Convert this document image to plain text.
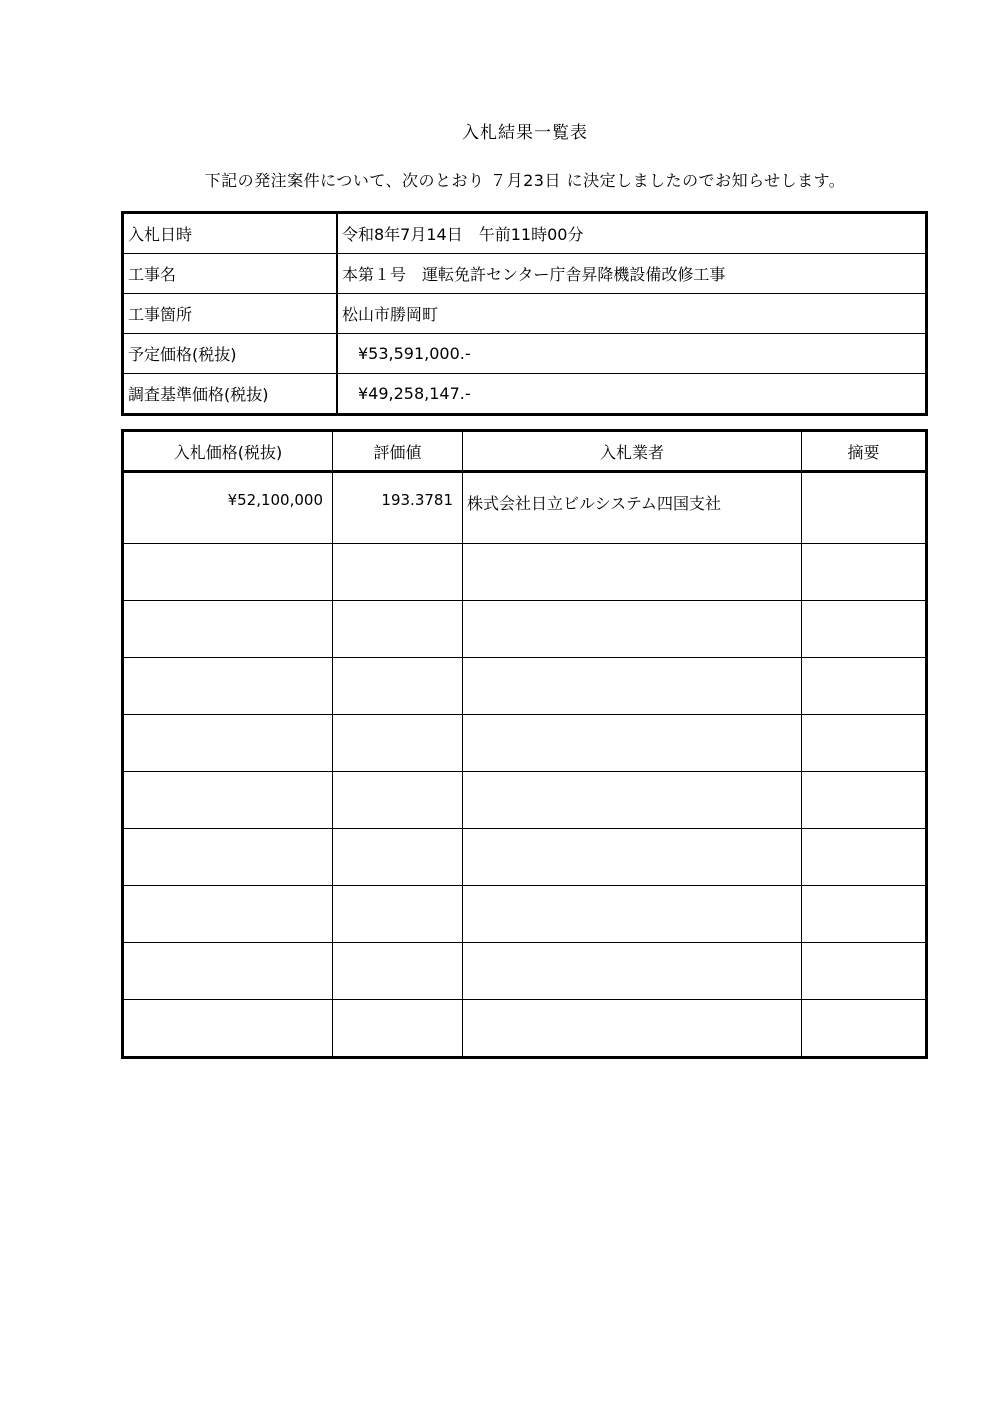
入札結果一覧表
下記の発注案件について、次のとおり ７月23日 に決定しましたのでお知らせします。
入札日時	令和8年7月14日　午前11時00分
工事名	本第１号　運転免許センター庁舎昇降機設備改修工事
工事箇所	松山市勝岡町
予定価格(税抜)	¥53,591,000.-
調査基準価格(税抜)	¥49,258,147.-
入札価格(税抜)	評価値	入札業者	摘要
¥52,100,000	193.3781	株式会社日立ビルシステム四国支社	
